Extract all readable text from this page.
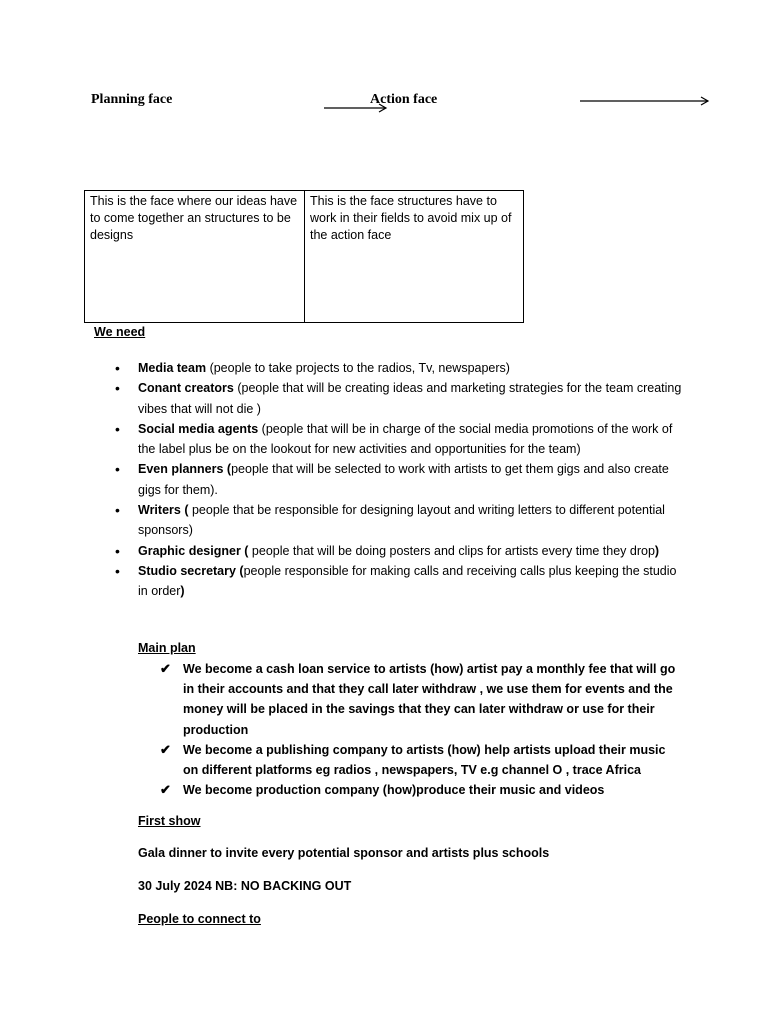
Planning face	Action face
This is the face where our ideas have to come together an structures to be designs
This is the face structures have to work in their fields to avoid mix up of the action face
We need
• Media team (people to take projects to the radios, Tv, newspapers)
• Conant creators (people that will be creating ideas and marketing strategies for the team creating vibes that will not die )
• Social media agents (people that will be in charge of the social media promotions of the work of the label plus be on the lookout for new activities and opportunities for the team)
• Even planners (people that will be selected to work with artists to get them gigs and also create gigs for them).
• Writers ( people that be responsible for designing layout and writing letters to different potential sponsors)
• Graphic designer ( people that will be doing posters and clips for artists every time they drop)
• Studio secretary (people responsible for making calls and receiving calls plus keeping the studio in order)
Main plan
✔ We become a cash loan service to artists (how) artist pay a monthly fee that will go in their accounts and that they call later withdraw , we use them for events and the money will be placed in the savings that they can later withdraw or use for their production
✔ We become a publishing company to artists (how) help artists upload their music on different platforms eg radios , newspapers, TV e.g channel O , trace Africa
✔ We become production company (how)produce their music and videos
First show
Gala dinner to invite every potential sponsor and artists plus schools
30 July 2024 NB: NO BACKING OUT
People to connect to
